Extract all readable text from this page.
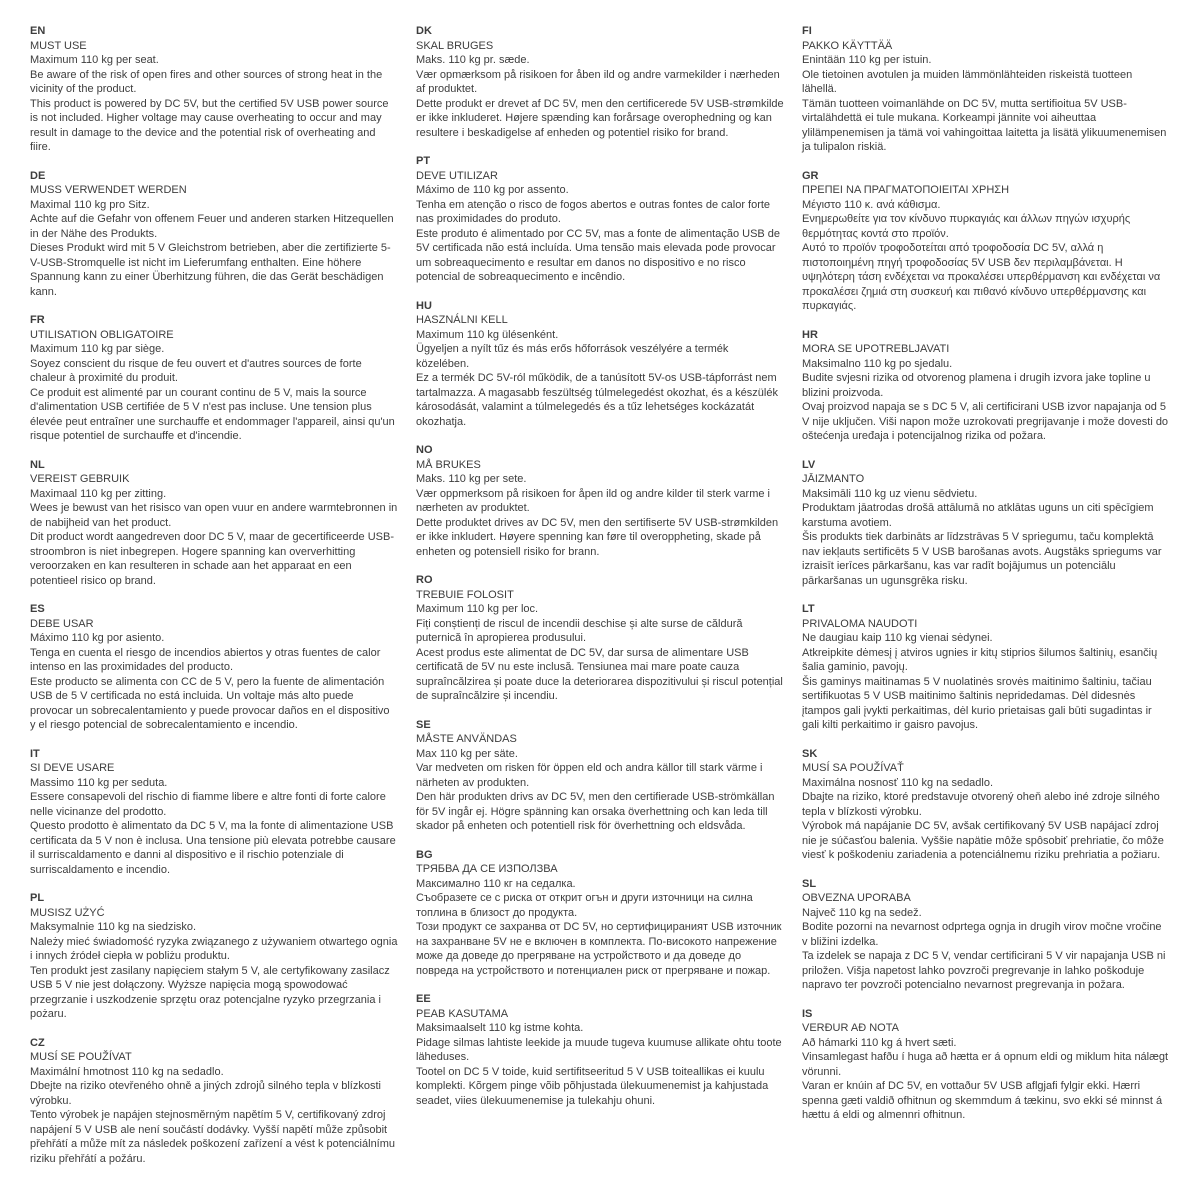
EN
MUST USE

Maximum 110 kg per seat.

Be aware of the risk of open fires and other sources of strong heat in the vicinity of the product.

This product is powered by DC 5V, but the certified 5V USB power source is not included. Higher voltage may cause overheating to occur and may result in damage to the device and the potential risk of overheating and fiire.

DE
MUSS VERWENDET WERDEN

Maximal 110 kg pro Sitz.

Achte auf die Gefahr von offenem Feuer und anderen starken Hitzequellen in der Nähe des Produkts.

Dieses Produkt wird mit 5 V Gleichstrom betrieben, aber die zertifizierte 5-V-USB-Stromquelle ist nicht im Lieferumfang enthalten. Eine höhere Spannung kann zu einer Überhitzung führen, die das Gerät beschädigen kann.

FR
UTILISATION OBLIGATOIRE

Maximum 110 kg par siège.

Soyez conscient du risque de feu ouvert et d'autres sources de forte chaleur à proximité du produit.

Ce produit est alimenté par un courant continu de 5 V, mais la source d'alimentation USB certifiée de 5 V n'est pas incluse. Une tension plus élevée peut entraîner une surchauffe et endommager l'appareil, ainsi qu'un risque potentiel de surchauffe et d'incendie.

NL
VEREIST GEBRUIK

Maximaal 110 kg per zitting.

Wees je bewust van het risisco van open vuur en andere warmtebronnen in de nabijheid van het product.

Dit product wordt aangedreven door DC 5 V, maar de gecertificeerde USB-stroombron is niet inbegrepen. Hogere spanning kan oververhitting veroorzaken en kan resulteren in schade aan het apparaat en een potentieel risico op brand.

ES
DEBE USAR

Máximo 110 kg por asiento.

Tenga en cuenta el riesgo de incendios abiertos y otras fuentes de calor intenso en las proximidades del producto.

Este producto se alimenta con CC de 5 V, pero la fuente de alimentación USB de 5 V certificada no está incluida. Un voltaje más alto puede provocar un sobrecalentamiento y puede provocar daños en el dispositivo y el riesgo potencial de sobrecalentamiento e incendio.

IT
SI DEVE USARE

Massimo 110 kg per seduta.

Essere consapevoli del rischio di fiamme libere e altre fonti di forte calore nelle vicinanze del prodotto.

Questo prodotto è alimentato da DC 5 V, ma la fonte di alimentazione USB certificata da 5 V non è inclusa. Una tensione più elevata potrebbe causare il surriscaldamento e danni al dispositivo e il rischio potenziale di surriscaldamento e incendio.

PL
MUSISZ UŻYĆ

Maksymalnie 110 kg na siedzisko.

Należy mieć świadomość ryzyka związanego z używaniem otwartego ognia i innych źródeł ciepła w pobliżu produktu.

Ten produkt jest zasilany napięciem stałym 5 V, ale certyfikowany zasilacz USB 5 V nie jest dołączony. Wyższe napięcia mogą spowodować przegrzanie i uszkodzenie sprzętu oraz potencjalne ryzyko przegrzania i pożaru.

CZ
MUSÍ SE POUŽÍVAT

Maximální hmotnost 110 kg na sedadlo.

Dbejte na riziko otevřeného ohně a jiných zdrojů silného tepla v blízkosti výrobku.

Tento výrobek je napájen stejnosměrným napětím 5 V, certifikovaný zdroj napájení 5 V USB ale není součástí dodávky. Vyšší napětí může způsobit přehřátí a může mít za následek poškození zařízení a vést k potenciálnímu riziku přehřátí a požáru.

DK
SKAL BRUGES

Maks. 110 kg pr. sæde.

Vær opmærksom på risikoen for åben ild og andre varmekilder i nærheden af produktet.

Dette produkt er drevet af DC 5V, men den certificerede 5V USB-strømkilde er ikke inkluderet. Højere spænding kan forårsage overophedning og kan resultere i beskadigelse af enheden og potentiel risiko for brand.

PT
DEVE UTILIZAR

Máximo de 110 kg por assento.

Tenha em atenção o risco de fogos abertos e outras fontes de calor forte nas proximidades do produto.

Este produto é alimentado por CC 5V, mas a fonte de alimentação USB de 5V certificada não está incluída. Uma tensão mais elevada pode provocar um sobreaquecimento e resultar em danos no dispositivo e no risco potencial de sobreaquecimento e incêndio.

HU
HASZNÁLNI KELL

Maximum 110 kg ülésenként.

Ügyeljen a nyílt tűz és más erős hőforrások veszélyére a termék közelében.

Ez a termék DC 5V-ról működik, de a tanúsított 5V-os USB-tápforrást nem tartalmazza. A magasabb feszültség túlmelegedést okozhat, és a készülék károsodását, valamint a túlmelegedés és a tűz lehetséges kockázatát okozhatja.

NO
MÅ BRUKES

Maks. 110 kg per sete.

Vær oppmerksom på risikoen for åpen ild og andre kilder til sterk varme i nærheten av produktet.

Dette produktet drives av DC 5V, men den sertifiserte 5V USB-strømkilden er ikke inkludert. Høyere spenning kan føre til overoppheting, skade på enheten og potensiell risiko for brann.

RO
TREBUIE FOLOSIT

Maximum 110 kg per loc.

Fiți conștienți de riscul de incendii deschise și alte surse de căldură puternică în apropierea produsului.

Acest produs este alimentat de DC 5V, dar sursa de alimentare USB certificată de 5V nu este inclusă. Tensiunea mai mare poate cauza supraîncălzirea și poate duce la deteriorarea dispozitivului și riscul potențial de supraîncălzire și incendiu.

SE
MÅSTE ANVÄNDAS

Max 110 kg per säte.

Var medveten om risken för öppen eld och andra källor till stark värme i närheten av produkten.

Den här produkten drivs av DC 5V, men den certifierade USB-strömkällan för 5V ingår ej. Högre spänning kan orsaka överhettning och kan leda till skador på enheten och potentiell risk för överhettning och eldsvåda.

BG
ТРЯБВА ДА СЕ ИЗПОЛЗВА

Максимално 110 кг на седалка.

Съобразете се с риска от открит огън и други източници на силна топлина в близост до продукта.

Този продукт се захранва от DC 5V, но сертифицираният USB източник на захранване 5V не е включен в комплекта. По-високото напрежение може да доведе до прегряване на устройството и да доведе до повреда на устройството и потенциален риск от прегряване и пожар.

EE
PEAB KASUTAMA

Maksimaalselt 110 kg istme kohta.

Pidage silmas lahtiste leekide ja muude tugeva kuumuse allikate ohtu toote läheduses.

Tootel on DC 5 V toide, kuid sertifitseeritud 5 V USB toiteallikas ei kuulu komplekti. Kõrgem pinge võib põhjustada ülekuumenemist ja kahjustada seadet, viies ülekuumenemise ja tulekahju ohuni.

FI
PAKKO KÄYTTÄÄ

Enintään 110 kg per istuin.

Ole tietoinen avotulen ja muiden lämmönlähteiden riskeistä tuotteen lähellä.

Tämän tuotteen voimanlähde on DC 5V, mutta sertifioitua 5V USB-virtalähdettä ei tule mukana. Korkeampi jännite voi aiheuttaa ylilämpenemisen ja tämä voi vahingoittaa laitetta ja lisätä ylikuumenemisen ja tulipalon riskiä.

GR
ΠΡΕΠΕΙ ΝΑ ΠΡΑΓΜΑΤΟΠΟΙΕΙΤΑΙ ΧΡΗΣΗ

Μέγιστο 110 κ. ανά κάθισμα.

Ενημερωθείτε για τον κίνδυνο πυρκαγιάς και άλλων πηγών ισχυρής θερμότητας κοντά στο προϊόν.

Αυτό το προϊόν τροφοδοτείται από τροφοδοσία DC 5V, αλλά η πιστοποιημένη πηγή τροφοδοσίας 5V USB δεν περιλαμβάνεται. Η υψηλότερη τάση ενδέχεται να προκαλέσει υπερθέρμανση και ενδέχεται να προκαλέσει ζημιά στη συσκευή και πιθανό κίνδυνο υπερθέρμανσης και πυρκαγιάς.

HR
MORA SE UPOTREBLJAVATI

Maksimalno 110 kg po sjedalu.

Budite svjesni rizika od otvorenog plamena i drugih izvora jake topline u blizini proizvoda.

Ovaj proizvod napaja se s DC 5 V, ali certificirani USB izvor napajanja od 5 V nije uključen. Viši napon može uzrokovati pregrijavanje i može dovesti do oštećenja uređaja i potencijalnog rizika od požara.

LV
JĀIZMANTO

Maksimāli 110 kg uz vienu sēdvietu.

Produktam jāatrodas drošā attālumā no atklātas uguns un citi spēcīgiem karstuma avotiem.

Šis produkts tiek darbināts ar līdzstrāvas 5 V spriegumu, taču komplektā nav iekļauts sertificēts 5 V USB barošanas avots. Augstāks spriegums var izraisīt ierīces pārkaršanu, kas var radīt bojājumus un potenciālu pārkaršanas un ugunsgrēka risku.

LT
PRIVALOMA NAUDOTI

Ne daugiau kaip 110 kg vienai sėdynei.

Atkreipkite dėmesį į atviros ugnies ir kitų stiprios šilumos šaltinių, esančių šalia gaminio, pavojų.

Šis gaminys maitinamas 5 V nuolatinės srovės maitinimo šaltiniu, tačiau sertifikuotas 5 V USB maitinimo šaltinis nepridedamas. Dėl didesnės įtampos gali įvykti perkaitimas, dėl kurio prietaisas gali būti sugadintas ir gali kilti perkaitimo ir gaisro pavojus.

SK
MUSÍ SA POUŽÍVAŤ

Maximálna nosnosť 110 kg na sedadlo.

Dbajte na riziko, ktoré predstavuje otvorený oheň alebo iné zdroje silného tepla v blízkosti výrobku.

Výrobok má napájanie DC 5V, avšak certifikovaný 5V USB napájací zdroj nie je súčasťou balenia. Vyššie napätie môže spôsobiť prehriatie, čo môže viesť k poškodeniu zariadenia a potenciálnemu riziku prehriatia a požiaru.

SL
OBVEZNA UPORABA

Največ 110 kg na sedež.

Bodite pozorni na nevarnost odprtega ognja in drugih virov močne vročine v bližini izdelka.

Ta izdelek se napaja z DC 5 V, vendar certificirani 5 V vir napajanja USB ni priložen. Višja napetost lahko povzroči pregrevanje in lahko poškoduje napravo ter povzroči potencialno nevarnost pregrevanja in požara.

IS
VERÐUR AÐ NOTA

Að hámarki 110 kg á hvert sæti.

Vinsamlegast hafðu í huga að hætta er á opnum eldi og miklum hita nálægt vörunni.

Varan er knúin af DC 5V, en vottaður 5V USB aflgjafi fylgir ekki. Hærri spenna gæti valdið ofhitnun og skemmdum á tækinu, svo ekki sé minnst á hættu á eldi og almennri ofhitnun.
